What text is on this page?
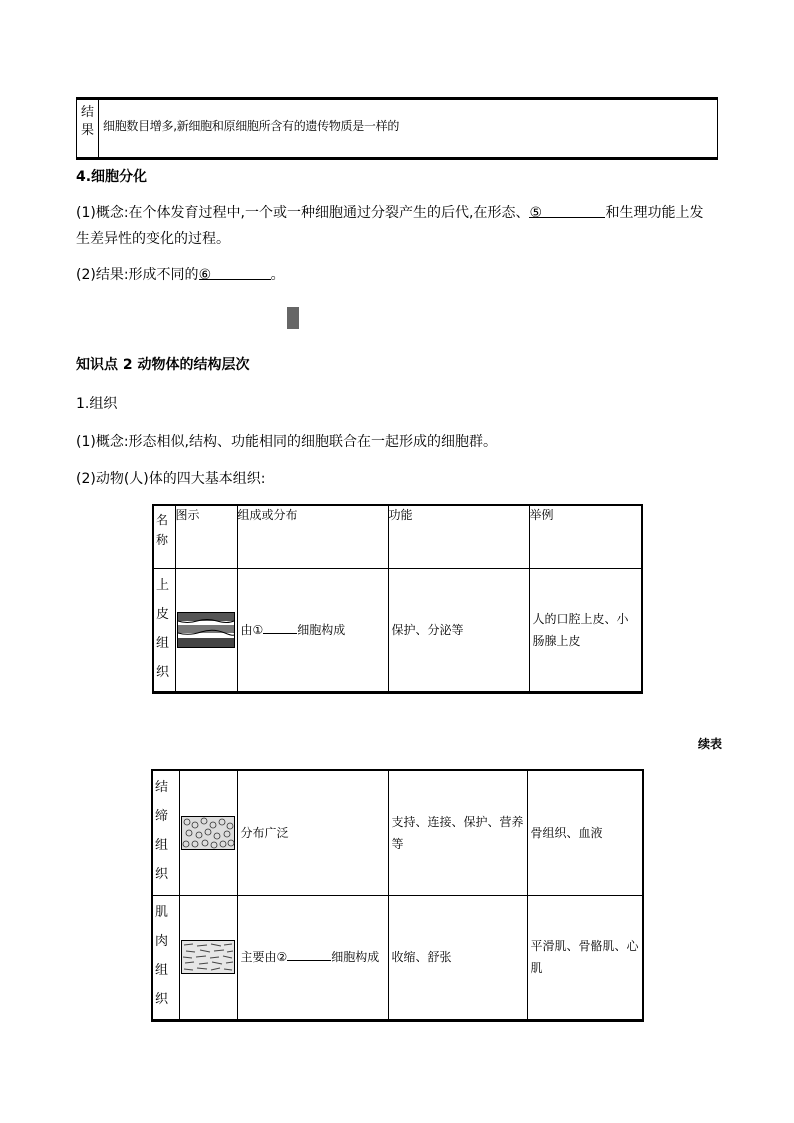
结果 细胞数目增多,新细胞和原细胞所含有的遗传物质是一样的
4.细胞分化
(1)概念:在个体发育过程中,一个或一种细胞通过分裂产生的后代,在形态、⑤	和生理功能上发
生差异性的变化的过程。
(2)结果:形成不同的⑥	。
知识点 2 动物体的结构层次
1.组织
(1)概念:形态相似,结构、功能相同的细胞联合在一起形成的细胞群。
(2)动物(人)体的四大基本组织:
名称	图示	组成或分布	功能	举例
上皮组织		由① 细胞构成	保护、分泌等	人的口腔上皮、小肠腺上皮
续表
结缔组织		分布广泛	支持、连接、保护、营养等	骨组织、血液
肌肉组织		主要由② 细胞构成	收缩、舒张	平滑肌、骨骼肌、心肌
